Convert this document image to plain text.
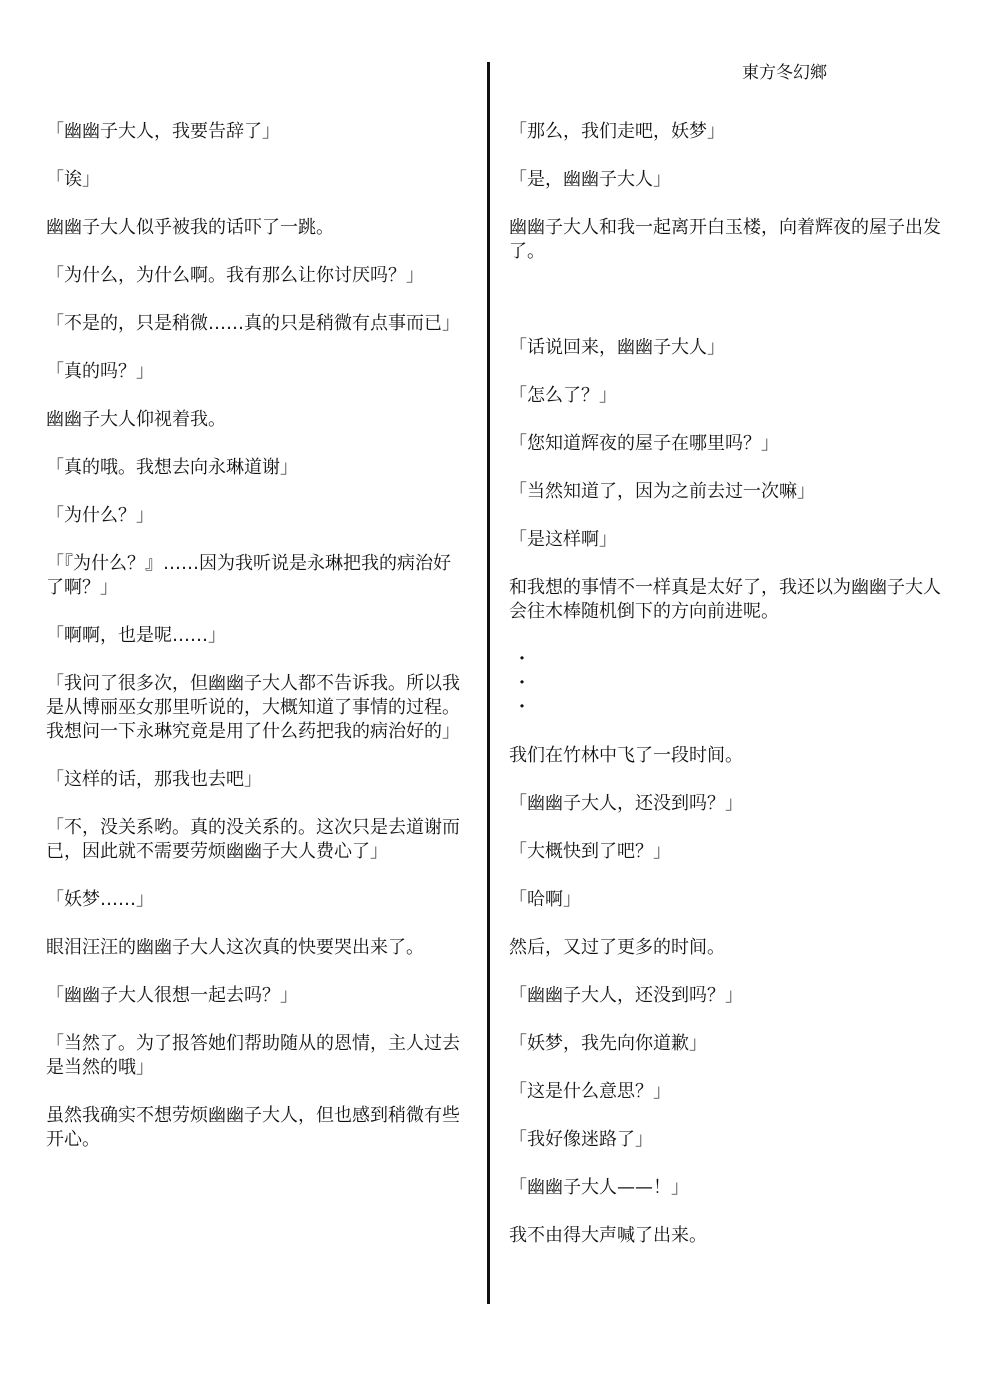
東方冬幻鄉

「幽幽子大人，我要告辞了」

「诶」

幽幽子大人似乎被我的话吓了一跳。

「为什么，为什么啊。我有那么让你讨厌吗？」

「不是的，只是稍微……真的只是稍微有点事而已」

「真的吗？」

幽幽子大人仰视着我。

「真的哦。我想去向永琳道谢」

「为什么？」

「『为什么？』……因为我听说是永琳把我的病治好了啊？」

「啊啊，也是呢……」

「我问了很多次，但幽幽子大人都不告诉我。所以我是从博丽巫女那里听说的，大概知道了事情的过程。我想问一下永琳究竟是用了什么药把我的病治好的」

「这样的话，那我也去吧」

「不，没关系哟。真的没关系的。这次只是去道谢而已，因此就不需要劳烦幽幽子大人费心了」

「妖梦……」

眼泪汪汪的幽幽子大人这次真的快要哭出来了。

「幽幽子大人很想一起去吗？」

「当然了。为了报答她们帮助随从的恩情，主人过去是当然的哦」

虽然我确实不想劳烦幽幽子大人，但也感到稍微有些开心。

「那么，我们走吧，妖梦」

「是，幽幽子大人」

幽幽子大人和我一起离开白玉楼，向着辉夜的屋子出发了。

「话说回来，幽幽子大人」

「怎么了？」

「您知道辉夜的屋子在哪里吗？」

「当然知道了，因为之前去过一次嘛」

「是这样啊」

和我想的事情不一样真是太好了，我还以为幽幽子大人会往木棒随机倒下的方向前进呢。

・

・

・

我们在竹林中飞了一段时间。

「幽幽子大人，还没到吗？」

「大概快到了吧？」

「哈啊」

然后，又过了更多的时间。

「幽幽子大人，还没到吗？」

「妖梦，我先向你道歉」

「这是什么意思？」

「我好像迷路了」

「幽幽子大人——！」

我不由得大声喊了出来。
